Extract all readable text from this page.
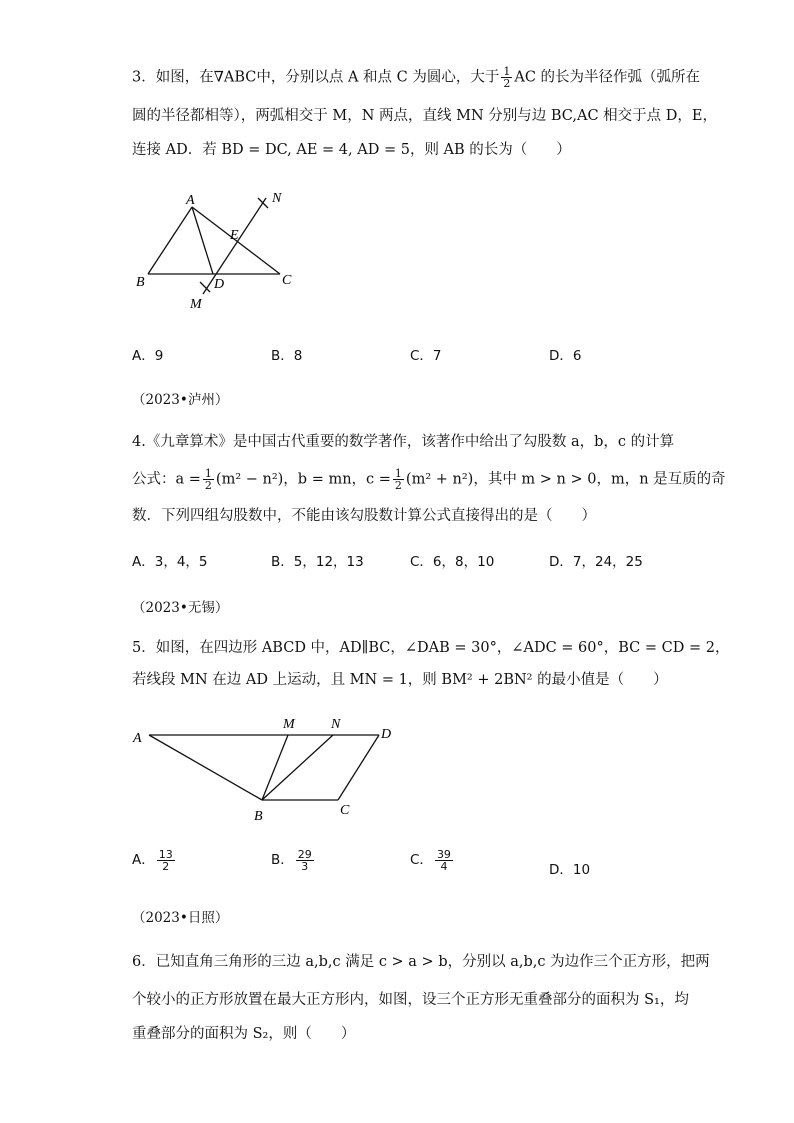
3．如图，在∇ABC中，分别以点 A 和点 C 为圆心，大于 $\frac{1}{2}$ AC 的长为半径作弧（弧所在
圆的半径都相等），两弧相交于 M，N 两点，直线 MN 分别与边 BC,AC 相交于点 D，E，
连接 AD．若 BD = DC, AE = 4, AD = 5，则 AB 的长为（　　）
A
B	C
D
E
M
N
A．9	B．8	C．7	D．6
（2023•泸州）
4.《九章算术》是中国古代重要的数学著作，该著作中给出了勾股数 a，b，c 的计算
公式：$a = \frac{1}{2} (m^2 - n^2)$，b = mn，$c = \frac{1}{2} (m^2 + n^2)$，其中 m > n > 0，m，n 是互质的奇
数．下列四组勾股数中，不能由该勾股数计算公式直接得出的是（　　）
A．3，4，5	B．5，12，13	C．6，8，10	D．7，24，25
（2023•无锡）
5．如图，在四边形 ABCD 中，AD∥BC，∠DAB = 30°，∠ADC = 60°，BC = CD = 2，
若线段 MN 在边 AD 上运动，且 MN = 1，则 BM² + 2BN² 的最小值是（　　）
A
B	C
D
M	N
A． $\frac{13}{2}$	B． $\frac{29}{3}$	C． $\frac{39}{4}$	D．10
（2023•日照）
6．已知直角三角形的三边 a,b,c 满足 c > a > b，分别以 a,b,c 为边作三个正方形，把两
个较小的正方形放置在最大正方形内，如图，设三个正方形无重叠部分的面积为 S₁，均
重叠部分的面积为 S₂，则（　　）
